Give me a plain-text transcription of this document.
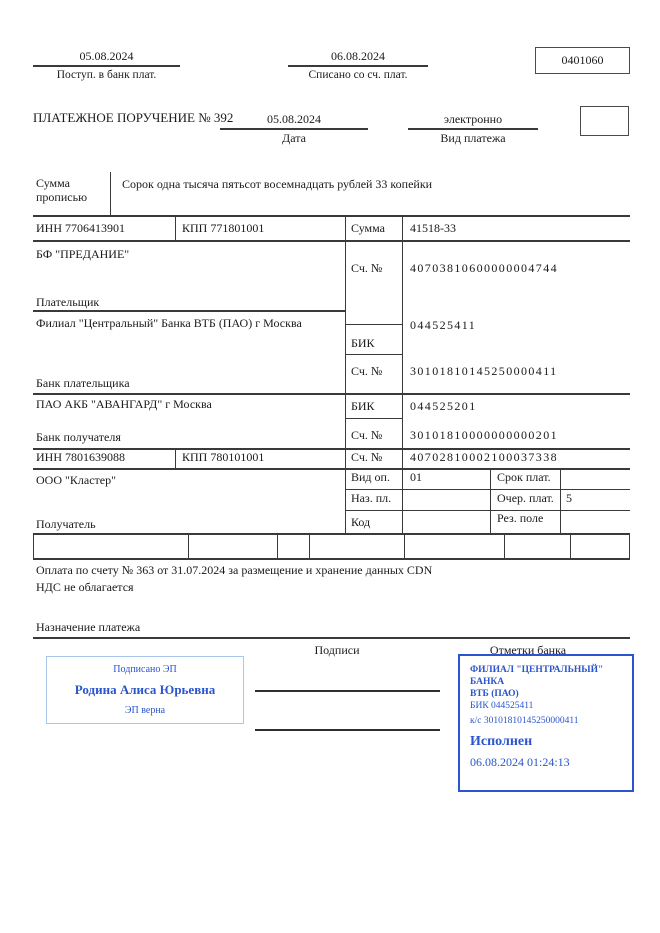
05.08.2024
Поступ. в банк плат.
06.08.2024
Списано со сч. плат.
0401060
ПЛАТЕЖНОЕ ПОРУЧЕНИЕ № 392	05.08.2024
Дата
электронно
Вид платежа
Сумма прописью
Сорок одна тысяча пятьсот восемнадцать рублей 33 копейки
ИНН 7706413901	КПП 771801001	Сумма 41518-33
БФ "ПРЕДАНИЕ"
Плательщик
Сч. № 40703810600000004744
Филиал "Центральный" Банка ВТБ (ПАО) г Москва	044525411
БИК
Сч. № 30101810145250000411
Банк плательщика
ПАО АКБ "АВАНГАРД" г Москва	БИК	044525201
Сч. № 30101810000000000201
Банк получателя
ИНН 7801639088	КПП 780101001	Сч. № 40702810002100037338
ООО "Кластер"
Получатель
Вид оп. 01	Срок плат.
Наз. пл.	Очер. плат. 5
Код	Рез. поле
Оплата по счету № 363 от 31.07.2024 за размещение и хранение данных CDN
НДС не облагается
Назначение платежа
Подписи	Отметки банка
Подписано ЭП
Родина Алиса Юрьевна
ЭП верна
ФИЛИАЛ "ЦЕНТРАЛЬНЫЙ" БАНКА
ВТБ (ПАО)
БИК 044525411
к/с 30101810145250000411
Исполнен
06.08.2024 01:24:13
